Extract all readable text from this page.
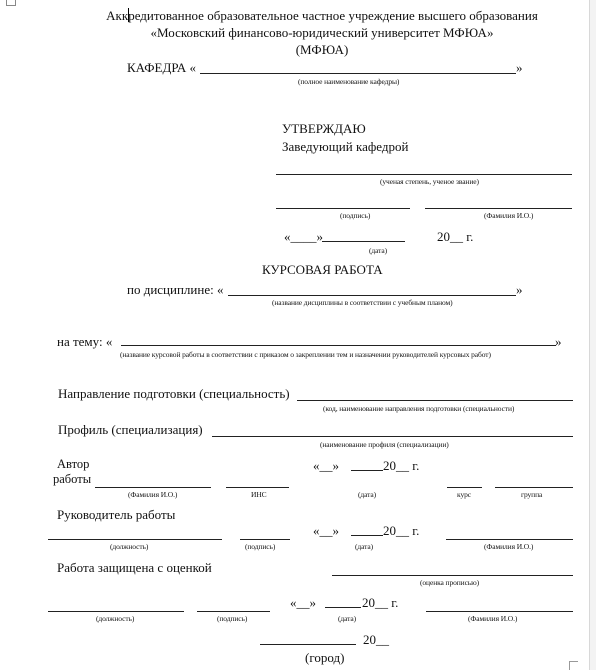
Аккредитованное образовательное частное учреждение высшего образования
«Московский финансово-юридический университет МФЮА»
(МФЮА)
КАФЕДРА «	»
(полное наименование кафедры)
УТВЕРЖДАЮ
Заведующий кафедрой
(ученая степень, ученое звание)
(подпись)	(Фамилия И.О.)
«____»	20__ г.
(дата)
КУРСОВАЯ РАБОТА
по дисциплине: «	»
(название дисциплины в соответствии с учебным планом)
на тему: «	»
(название курсовой работы в соответствии с приказом о закреплении тем и назначении руководителей курсовых работ)
Направление подготовки (специальность)
(код, наименование направления подготовки (специальности)
Профиль (специализация)
(наименование профиля (специализации)
Автор
работы
«__»	20__ г.
(Фамилия И.О.)	ИНС	(дата)	курс	группа
Руководитель работы
«__»	20__ г.
(должность)	(подпись)	(дата)	(Фамилия И.О.)
Работа защищена с оценкой
(оценка прописью)
«__»	20__ г.
(должность)	(подпись)	(дата)	(Фамилия И.О.)
20__
(город)
